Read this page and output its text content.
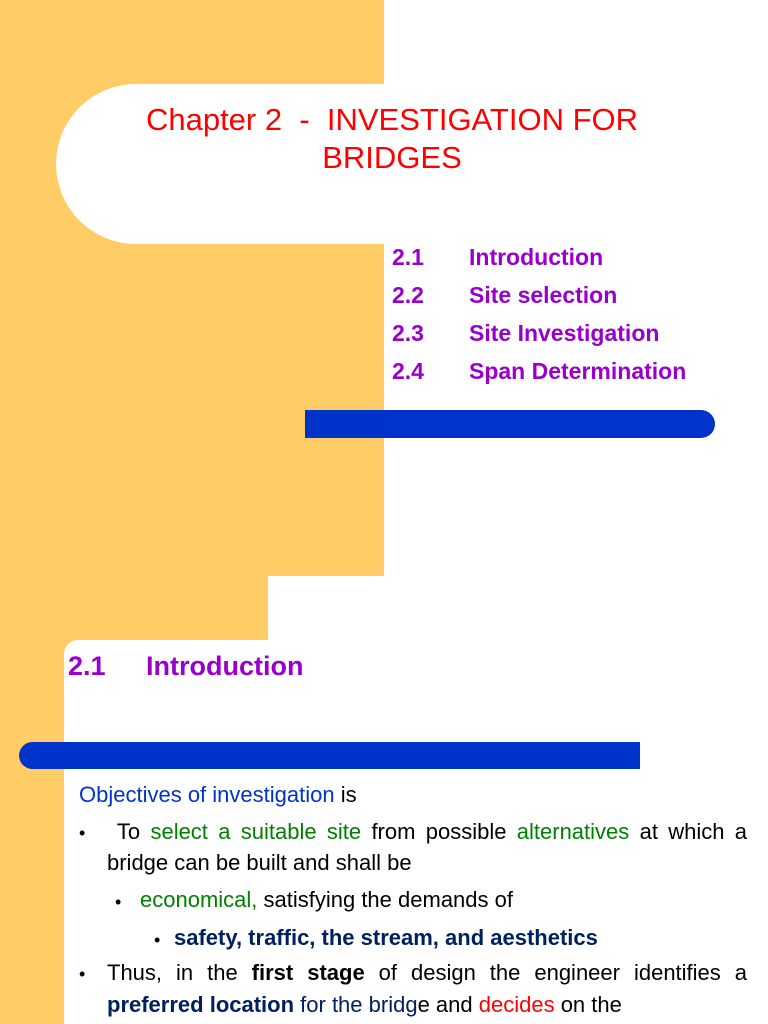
Chapter 2  -  INVESTIGATION FOR
BRIDGES
2.1 Introduction
2.2 Site selection
2.3 Site Investigation
2.4 Span Determination
2.1 Introduction
Objectives of investigation is
• To select a suitable site from possible alternatives at which a bridge can be built and shall be
• economical, satisfying the demands of
• safety, traffic, the stream, and aesthetics
• Thus, in the first stage of design the engineer identifies a preferred location for the bridge and decides on the
